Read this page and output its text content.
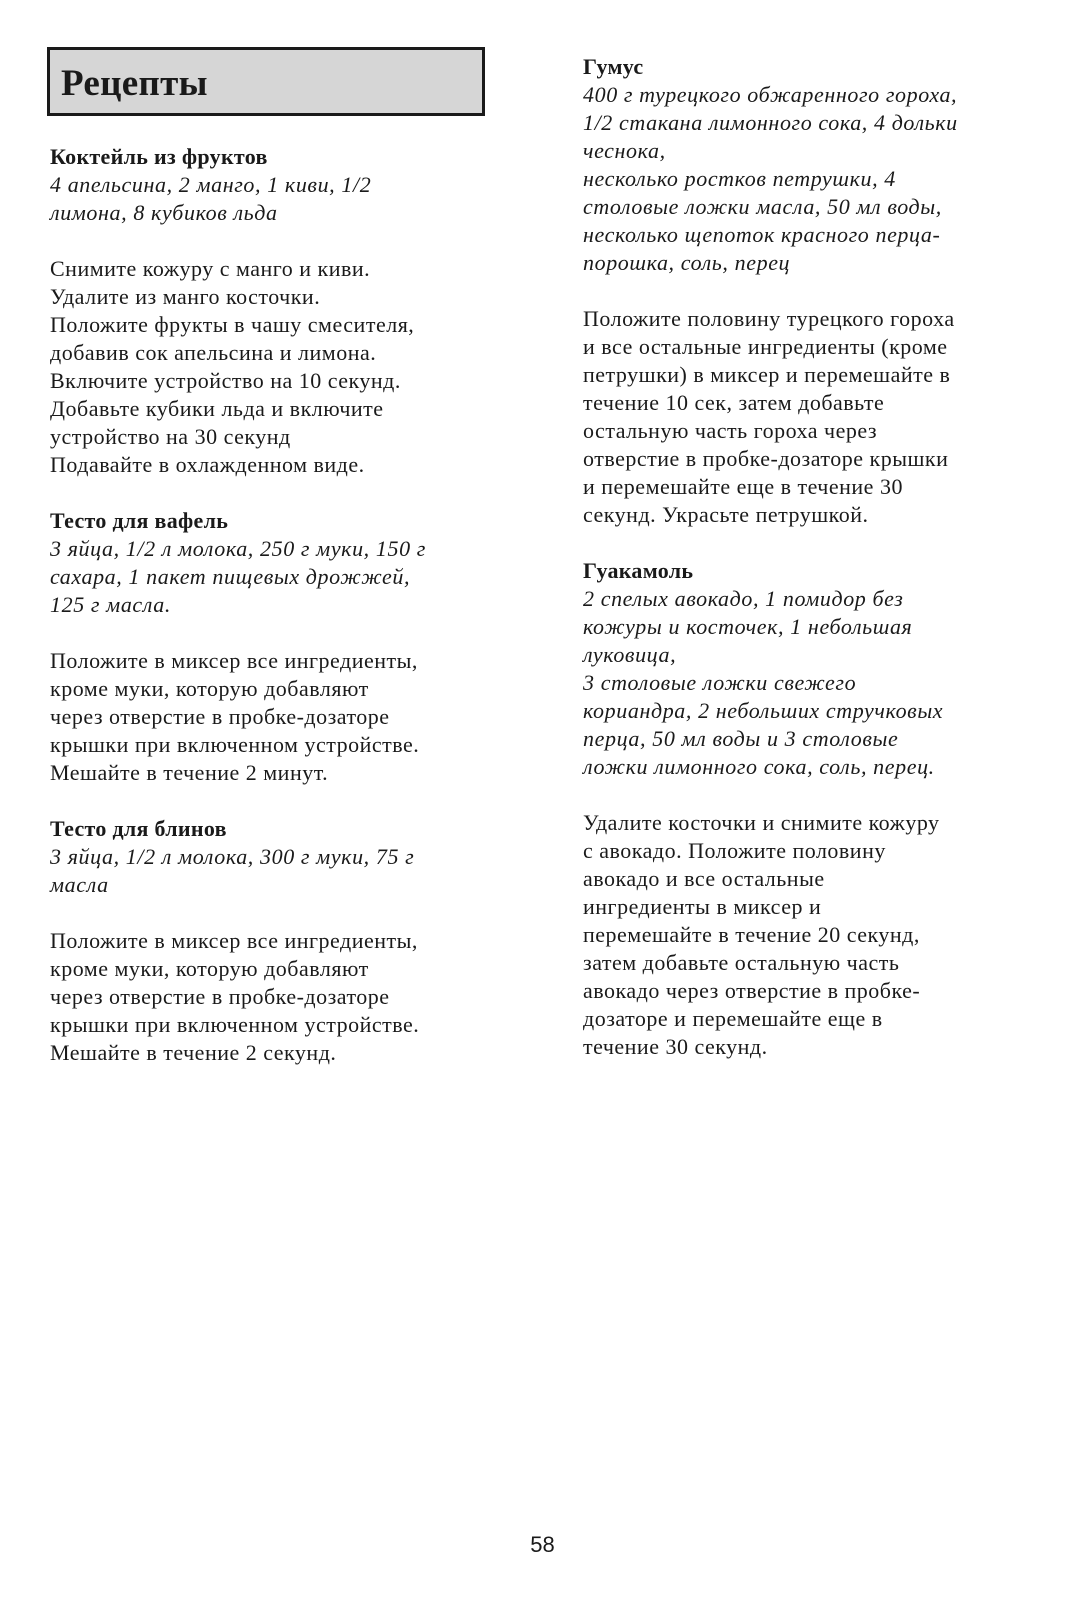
Рецепты
Коктейль из фруктов
4 апельсина, 2 манго, 1 киви, 1/2
лимона, 8 кубиков льда
Снимите кожуру с манго и киви.
Удалите из манго косточки.
Положите фрукты в чашу смесителя,
добавив сок апельсина и лимона.
Включите устройство на 10 секунд.
Добавьте кубики льда и включите
устройство на 30 секунд
Подавайте в охлажденном виде.
Тесто для вафель
3 яйца, 1/2 л молока, 250 г муки, 150 г
сахара, 1 пакет пищевых дрожжей,
125 г масла.
Положите в миксер все ингредиенты,
кроме муки, которую добавляют
через отверстие в пробке-дозаторе
крышки при включенном устройстве.
Мешайте в течение 2 минут.
Тесто для блинов
3 яйца, 1/2 л молока, 300 г муки, 75 г
масла
Положите в миксер все ингредиенты,
кроме муки, которую добавляют
через отверстие в пробке-дозаторе
крышки при включенном устройстве.
Мешайте в течение 2 секунд.
Гумус
400 г турецкого обжаренного гороха,
1/2 стакана лимонного сока, 4 дольки
чеснока,
несколько ростков петрушки, 4
столовые ложки масла, 50 мл воды,
несколько щепоток красного перца-
порошка, соль, перец
Положите половину турецкого гороха
и все остальные ингредиенты (кроме
петрушки) в миксер и перемешайте в
течение 10 сек, затем добавьте
остальную часть гороха через
отверстие в пробке-дозаторе крышки
и перемешайте еще в течение 30
секунд. Украсьте петрушкой.
Гуакамоль
2 спелых авокадо, 1 помидор без
кожуры и косточек, 1 небольшая
луковица,
3 столовые ложки свежего
кориандра, 2 небольших стручковых
перца, 50 мл воды и 3 столовые
ложки лимонного сока, соль, перец.
Удалите косточки и снимите кожуру
с авокадо. Положите половину
авокадо и все остальные
ингредиенты в миксер и
перемешайте в течение 20 секунд,
затем добавьте остальную часть
авокадо через отверстие в пробке-
дозаторе и перемешайте еще в
течение 30 секунд.
58
